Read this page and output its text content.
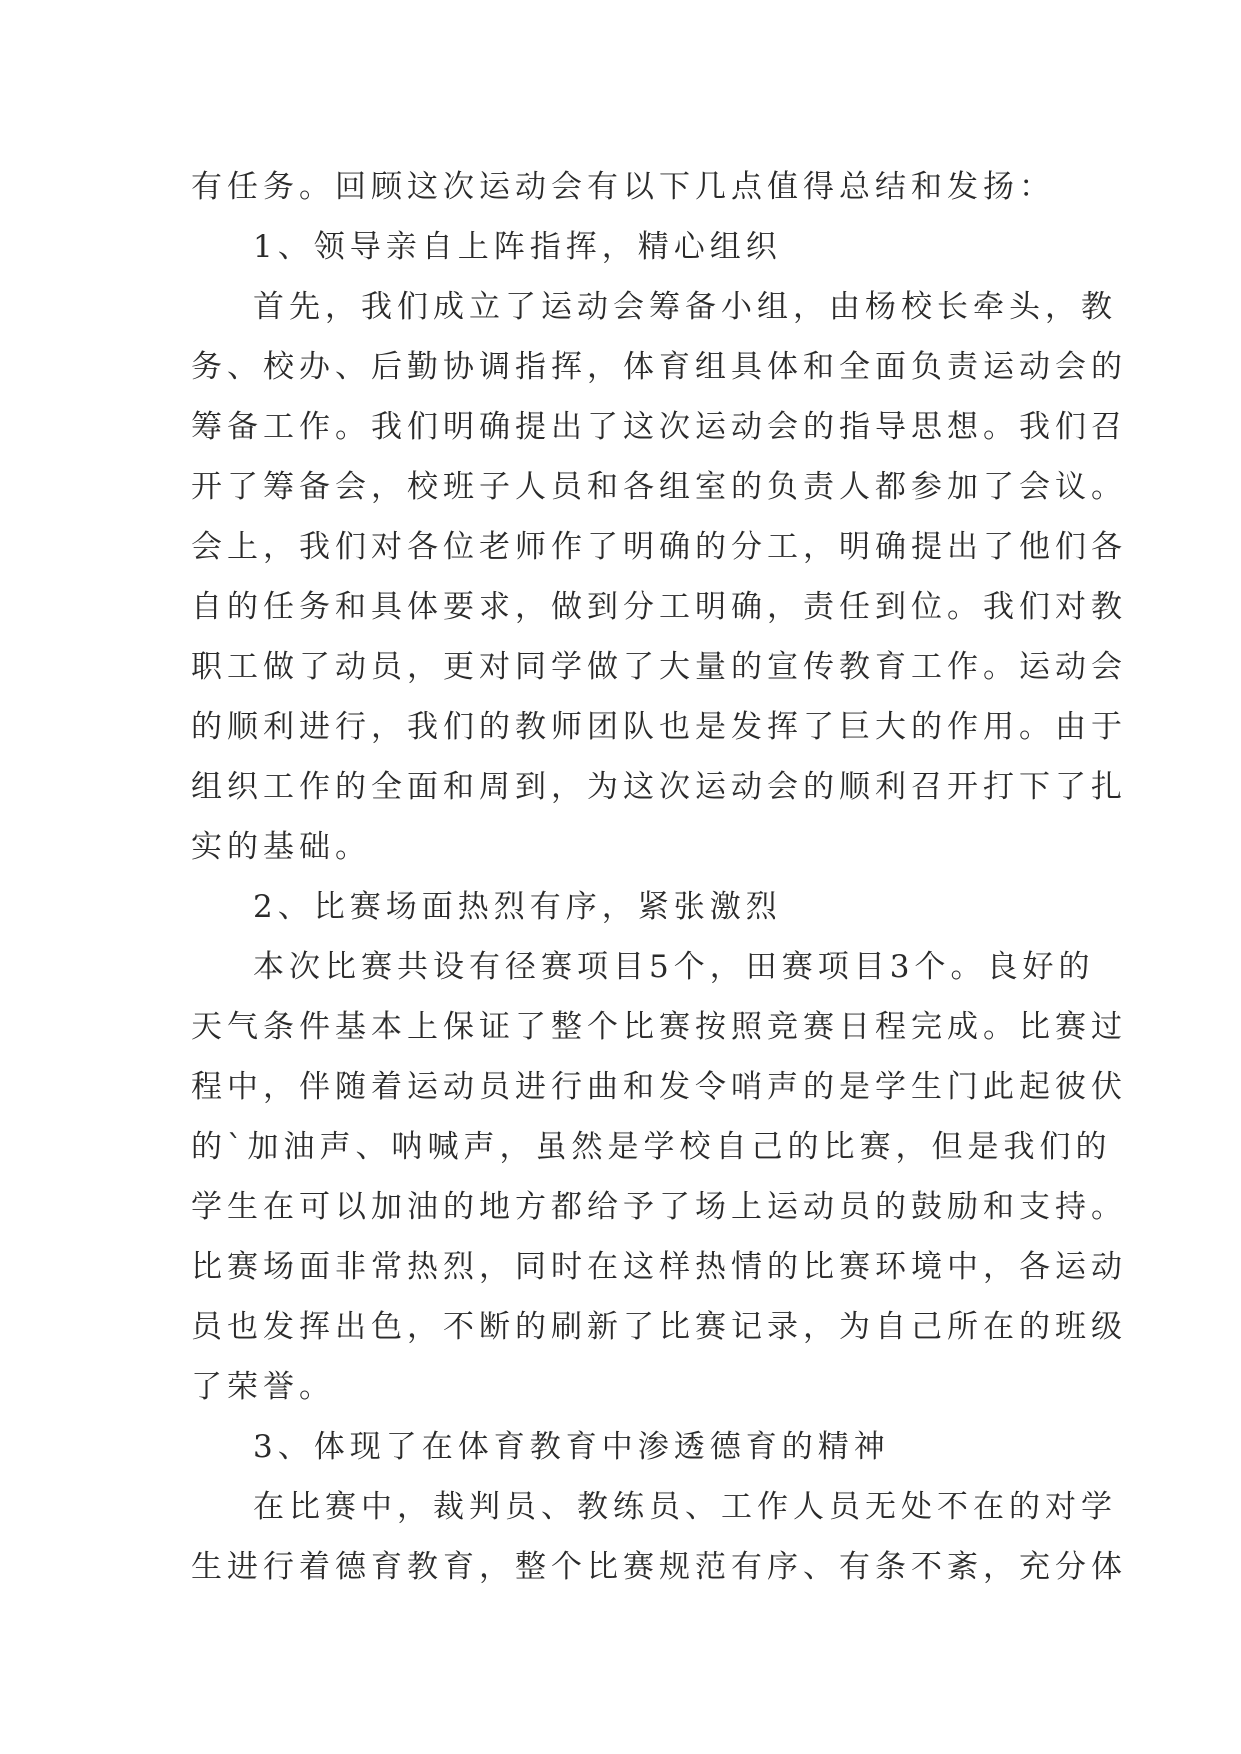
有任务。回顾这次运动会有以下几点值得总结和发扬：
1、领导亲自上阵指挥，精心组织
首先，我们成立了运动会筹备小组，由杨校长牵头，教
务、校办、后勤协调指挥，体育组具体和全面负责运动会的
筹备工作。我们明确提出了这次运动会的指导思想。我们召
开了筹备会，校班子人员和各组室的负责人都参加了会议。
会上，我们对各位老师作了明确的分工，明确提出了他们各
自的任务和具体要求，做到分工明确，责任到位。我们对教
职工做了动员，更对同学做了大量的宣传教育工作。运动会
的顺利进行，我们的教师团队也是发挥了巨大的作用。由于
组织工作的全面和周到，为这次运动会的顺利召开打下了扎
实的基础。
2、比赛场面热烈有序，紧张激烈
本次比赛共设有径赛项目5个，田赛项目3个。良好的
天气条件基本上保证了整个比赛按照竞赛日程完成。比赛过
程中，伴随着运动员进行曲和发令哨声的是学生门此起彼伏
的`加油声、呐喊声，虽然是学校自己的比赛，但是我们的
学生在可以加油的地方都给予了场上运动员的鼓励和支持。
比赛场面非常热烈，同时在这样热情的比赛环境中，各运动
员也发挥出色，不断的刷新了比赛记录，为自己所在的班级
了荣誉。
3、体现了在体育教育中渗透德育的精神
在比赛中，裁判员、教练员、工作人员无处不在的对学
生进行着德育教育，整个比赛规范有序、有条不紊，充分体
